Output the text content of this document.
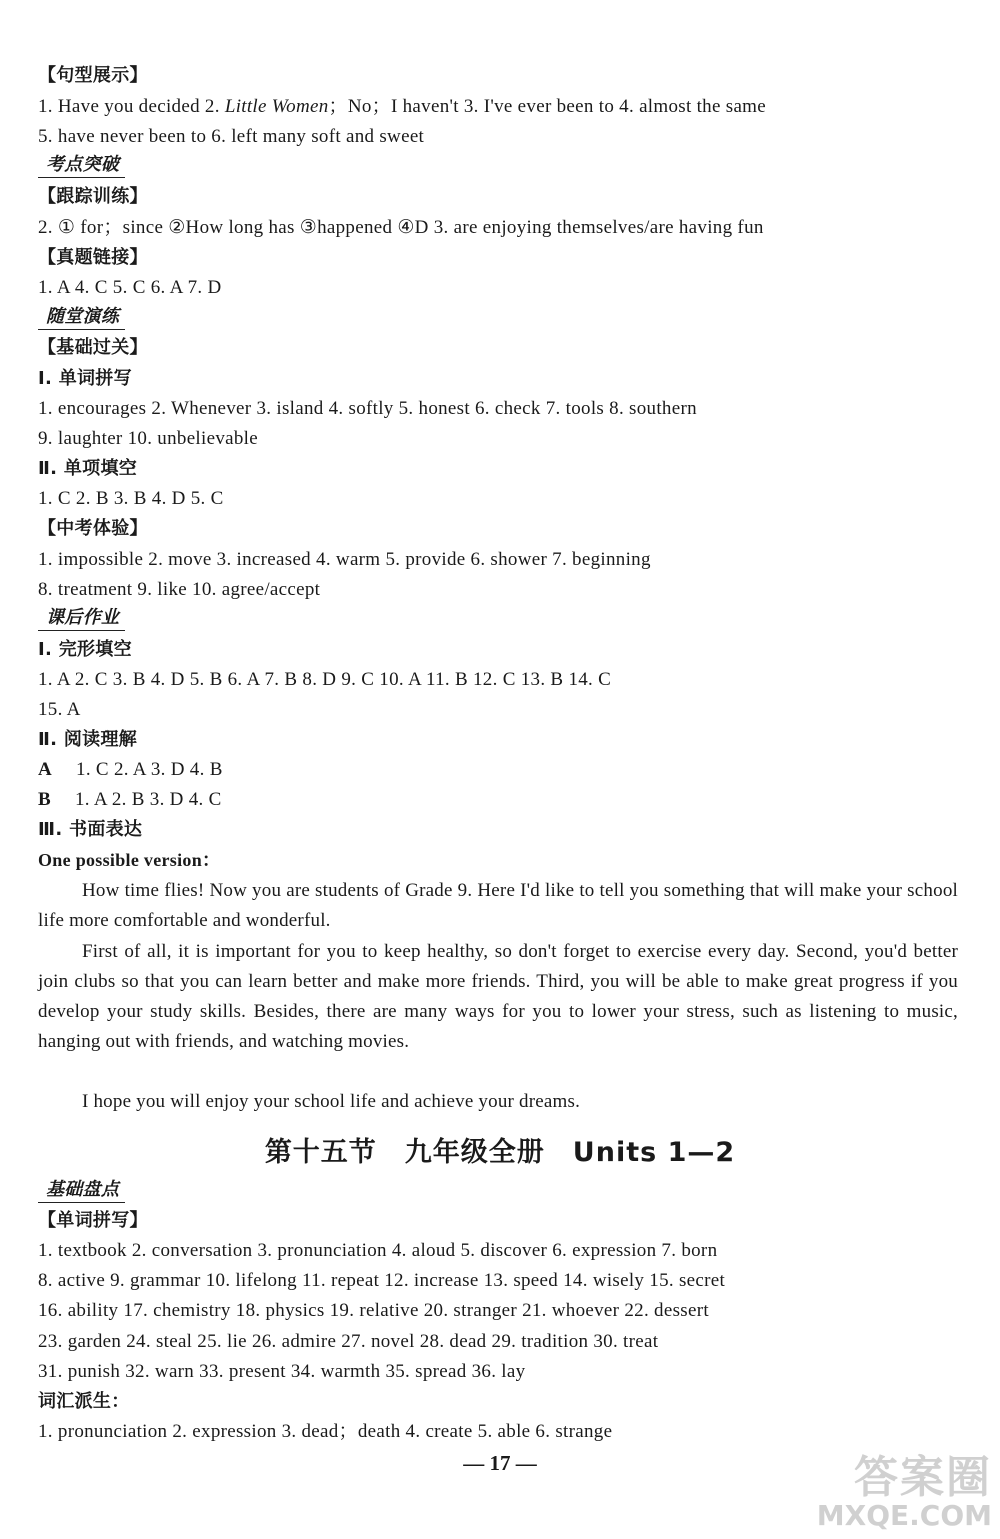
【句型展示】
1. Have you decided 2. Little Women；No；I haven't 3. I've ever been to 4. almost the same
5. have never been to 6. left many soft and sweet
考点突破
【跟踪训练】
2. ① for；since ②How long has ③happened ④D 3. are enjoying themselves/are having fun
【真题链接】
1. A 4. C 5. C 6. A 7. D
随堂演练
【基础过关】
Ⅰ. 单词拼写
1. encourages 2. Whenever 3. island 4. softly 5. honest 6. check 7. tools 8. southern
9. laughter 10. unbelievable
Ⅱ. 单项填空
1. C 2. B 3. B 4. D 5. C
【中考体验】
1. impossible 2. move 3. increased 4. warm 5. provide 6. shower 7. beginning
8. treatment 9. like 10. agree/accept
课后作业
Ⅰ. 完形填空
1. A 2. C 3. B 4. D 5. B 6. A 7. B 8. D 9. C 10. A 11. B 12. C 13. B 14. C
15. A
Ⅱ. 阅读理解
A 1. C 2. A 3. D 4. B
B 1. A 2. B 3. D 4. C
Ⅲ. 书面表达
One possible version：
How time flies! Now you are students of Grade 9. Here I'd like to tell you something that will make your school life more comfortable and wonderful.
First of all, it is important for you to keep healthy, so don't forget to exercise every day. Second, you'd better join clubs so that you can learn better and make more friends. Third, you will be able to make great progress if you develop your study skills. Besides, there are many ways for you to lower your stress, such as listening to music, hanging out with friends, and watching movies.
I hope you will enjoy your school life and achieve your dreams.
第十五节　九年级全册　Units 1—2
基础盘点
【单词拼写】
1. textbook 2. conversation 3. pronunciation 4. aloud 5. discover 6. expression 7. born
8. active 9. grammar 10. lifelong 11. repeat 12. increase 13. speed 14. wisely 15. secret
16. ability 17. chemistry 18. physics 19. relative 20. stranger 21. whoever 22. dessert
23. garden 24. steal 25. lie 26. admire 27. novel 28. dead 29. tradition 30. treat
31. punish 32. warn 33. present 34. warmth 35. spread 36. lay
词汇派生：
1. pronunciation 2. expression 3. dead；death 4. create 5. able 6. strange
— 17 —	答案圈
MXQE.COM
